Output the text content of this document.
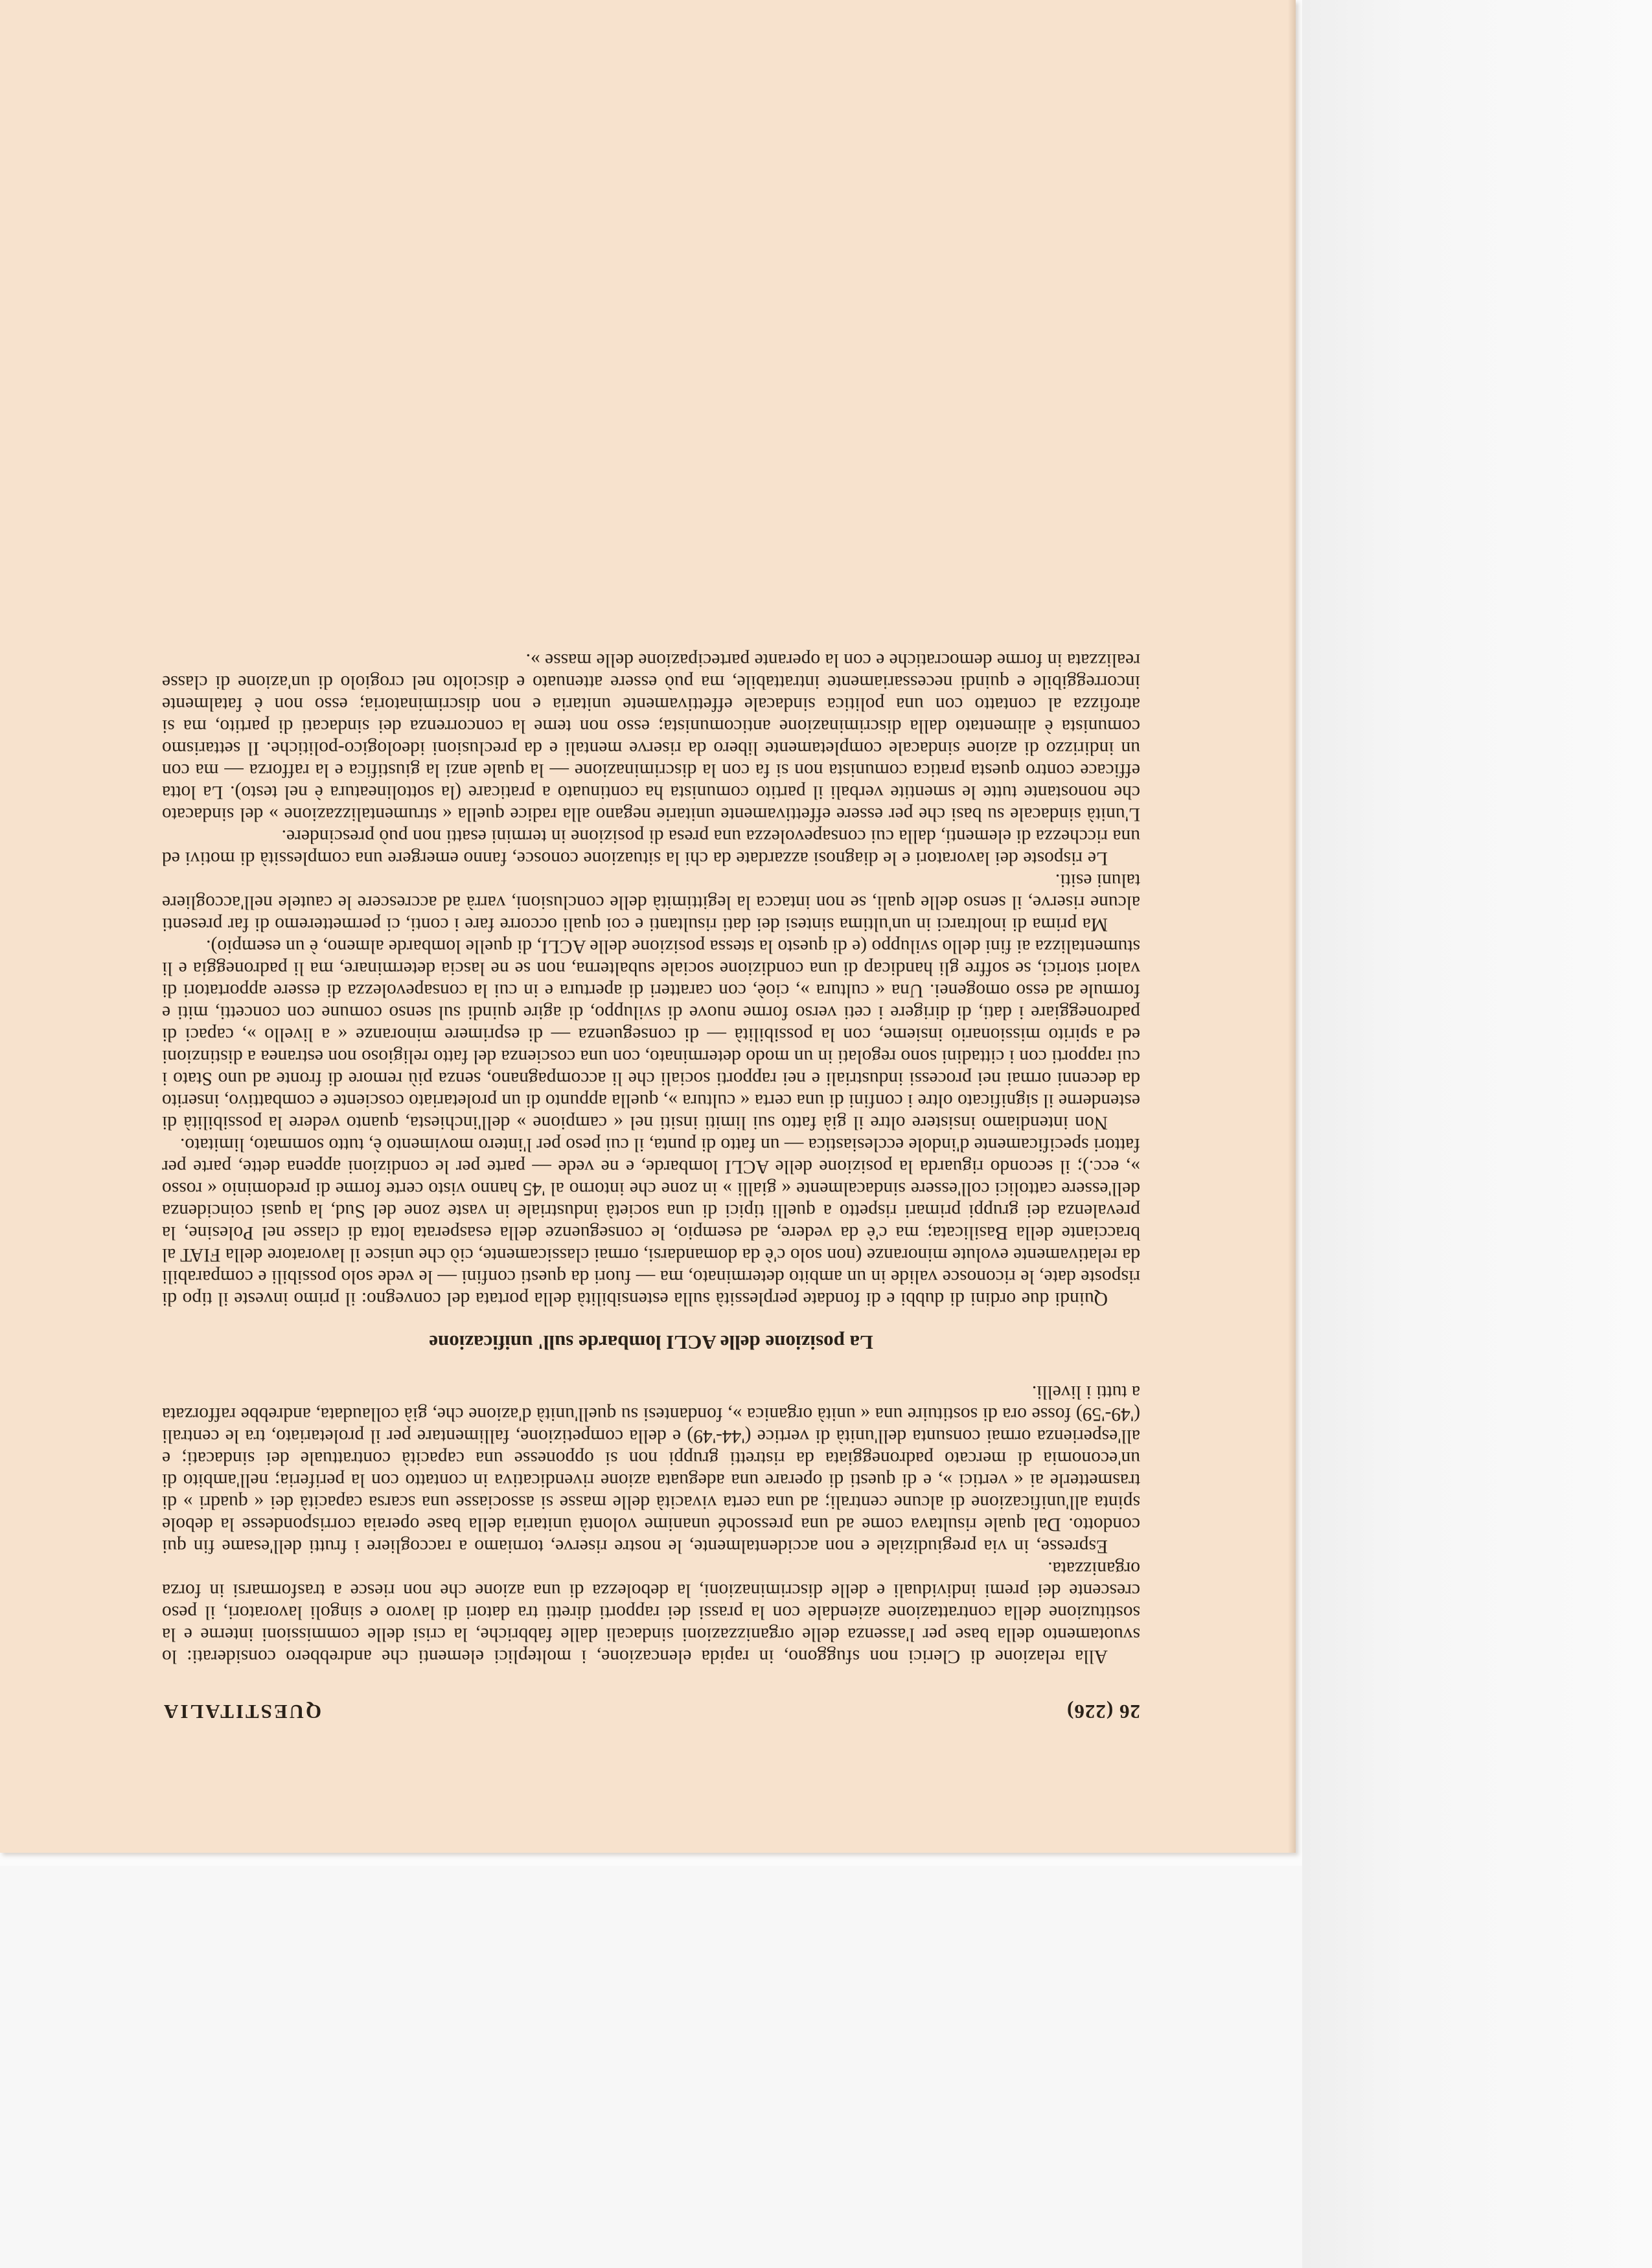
26 (226)
QUESTITALIA

Alla relazione di Clerici non sfuggono, in rapida elencazione, i molteplici elementi che andrebbero considerati: lo svuotamento della base per l'assenza delle organizzazioni sindacali dalle fabbriche, la crisi delle commissioni interne e la sostituzione della contrattazione aziendale con la prassi dei rapporti diretti tra datori di lavoro e singoli lavoratori, il peso crescente dei premi individuali e delle discriminazioni, la debolezza di una azione che non riesce a trasformarsi in forza organizzata.

Espresse, in via pregiudiziale e non accidentalmente, le nostre riserve, torniamo a raccogliere i frutti dell'esame fin qui condotto. Dal quale risultava come ad una pressoché unanime volontà unitaria della base operaia corrispondesse la debole spinta all'unificazione di alcune centrali; ad una certa vivacità delle masse si associasse una scarsa capacità dei « quadri » di trasmetterle ai « vertici », e di questi di operare una adeguata azione rivendicativa in contatto con la periferia; nell'ambito di un'economia di mercato padroneggiata da ristretti gruppi non si opponesse una capacità contrattuale dei sindacati; e all'esperienza ormai consunta dell'unità di vertice ('44-'49) e della competizione, fallimentare per il proletariato, tra le centrali ('49-'59) fosse ora di sostituire una « unità organica », fondantesi su quell'unità d'azione che, già collaudata, andrebbe rafforzata a tutti i livelli.

La posizione delle ACLI lombarde sull' unificazione

Quindi due ordini di dubbi e di fondate perplessità sulla estensibilità della portata del convegno: il primo investe il tipo di risposte date, le riconosce valide in un ambito determinato, ma — fuori da questi confini — le vede solo possibili e comparabili da relativamente evolute minoranze (non solo c'è da domandarsi, ormai classicamente, ciò che unisce il lavoratore della FIAT al bracciante della Basilicata; ma c'è da vedere, ad esempio, le conseguenze della esasperata lotta di classe nel Polesine, la prevalenza dei gruppi primari rispetto a quelli tipici di una società industriale in vaste zone del Sud, la quasi coincidenza dell'essere cattolici coll'essere sindacalmente « gialli » in zone che intorno al '45 hanno visto certe forme di predominio « rosso », ecc.); il secondo riguarda la posizione delle ACLI lombarde, e ne vede — parte per le condizioni appena dette, parte per fattori specificamente d'indole ecclesiastica — un fatto di punta, il cui peso per l'intero movimento è, tutto sommato, limitato.

Non intendiamo insistere oltre il già fatto sui limiti insiti nel « campione » dell'inchiesta, quanto vedere la possibilità di estenderne il significato oltre i confini di una certa « cultura », quella appunto di un proletariato cosciente e combattivo, inserito da decenni ormai nei processi industriali e nei rapporti sociali che li accompagnano, senza più remore di fronte ad uno Stato i cui rapporti con i cittadini sono regolati in un modo determinato, con una coscienza del fatto religioso non estranea a distinzioni ed a spirito missionario insieme, con la possibilità — di conseguenza — di esprimere minoranze « a livello », capaci di padroneggiare i dati, di dirigere i ceti verso forme nuove di sviluppo, di agire quindi sul senso comune con concetti, miti e formule ad esso omogenei. Una « cultura », cioè, con caratteri di apertura e in cui la consapevolezza di essere apportatori di valori storici, se soffre gli handicap di una condizione sociale subalterna, non se ne lascia determinare, ma li padroneggia e li stumentalizza ai fini dello sviluppo (e di questo la stessa posizione delle ACLI, di quelle lombarde almeno, è un esempio).

Ma prima di inoltrarci in un'ultima sintesi dei dati risultanti e coi quali occorre fare i conti, ci permetteremo di far presenti alcune riserve, il senso delle quali, se non intacca la legittimità delle conclusioni, varrà ad accrescere le cautele nell'accogliere taluni esiti.

Le risposte dei lavoratori e le diagnosi azzardate da chi la situazione conosce, fanno emergere una complessità di motivi ed una ricchezza di elementi, dalla cui consapevolezza una presa di posizione in termini esatti non può prescindere.

L'unità sindacale su basi che per essere effettivamente unitarie negano alla radice quella « strumentalizzazione » del sindacato che nonostante tutte le smentite verbali il partito comunista ha continuato a praticare (la sottolineatura è nel testo). La lotta efficace contro questa pratica comunista non si fa con la discriminazione — la quale anzi la giustifica e la rafforza — ma con un indirizzo di azione sindacale completamente libero da riserve mentali e da preclusioni ideologico-politiche. Il settarismo comunista è alimentato dalla discriminazione anticomunista; esso non teme la concorrenza dei sindacati di partito, ma si atrofizza al contatto con una politica sindacale effettivamente unitaria e non discriminatoria; esso non è fatalmente incorreggibile e quindi necessariamente intrattabile, ma può essere attenuato e disciolto nel crogiolo di un'azione di classe realizzata in forme democratiche e con la operante partecipazione delle masse ».
